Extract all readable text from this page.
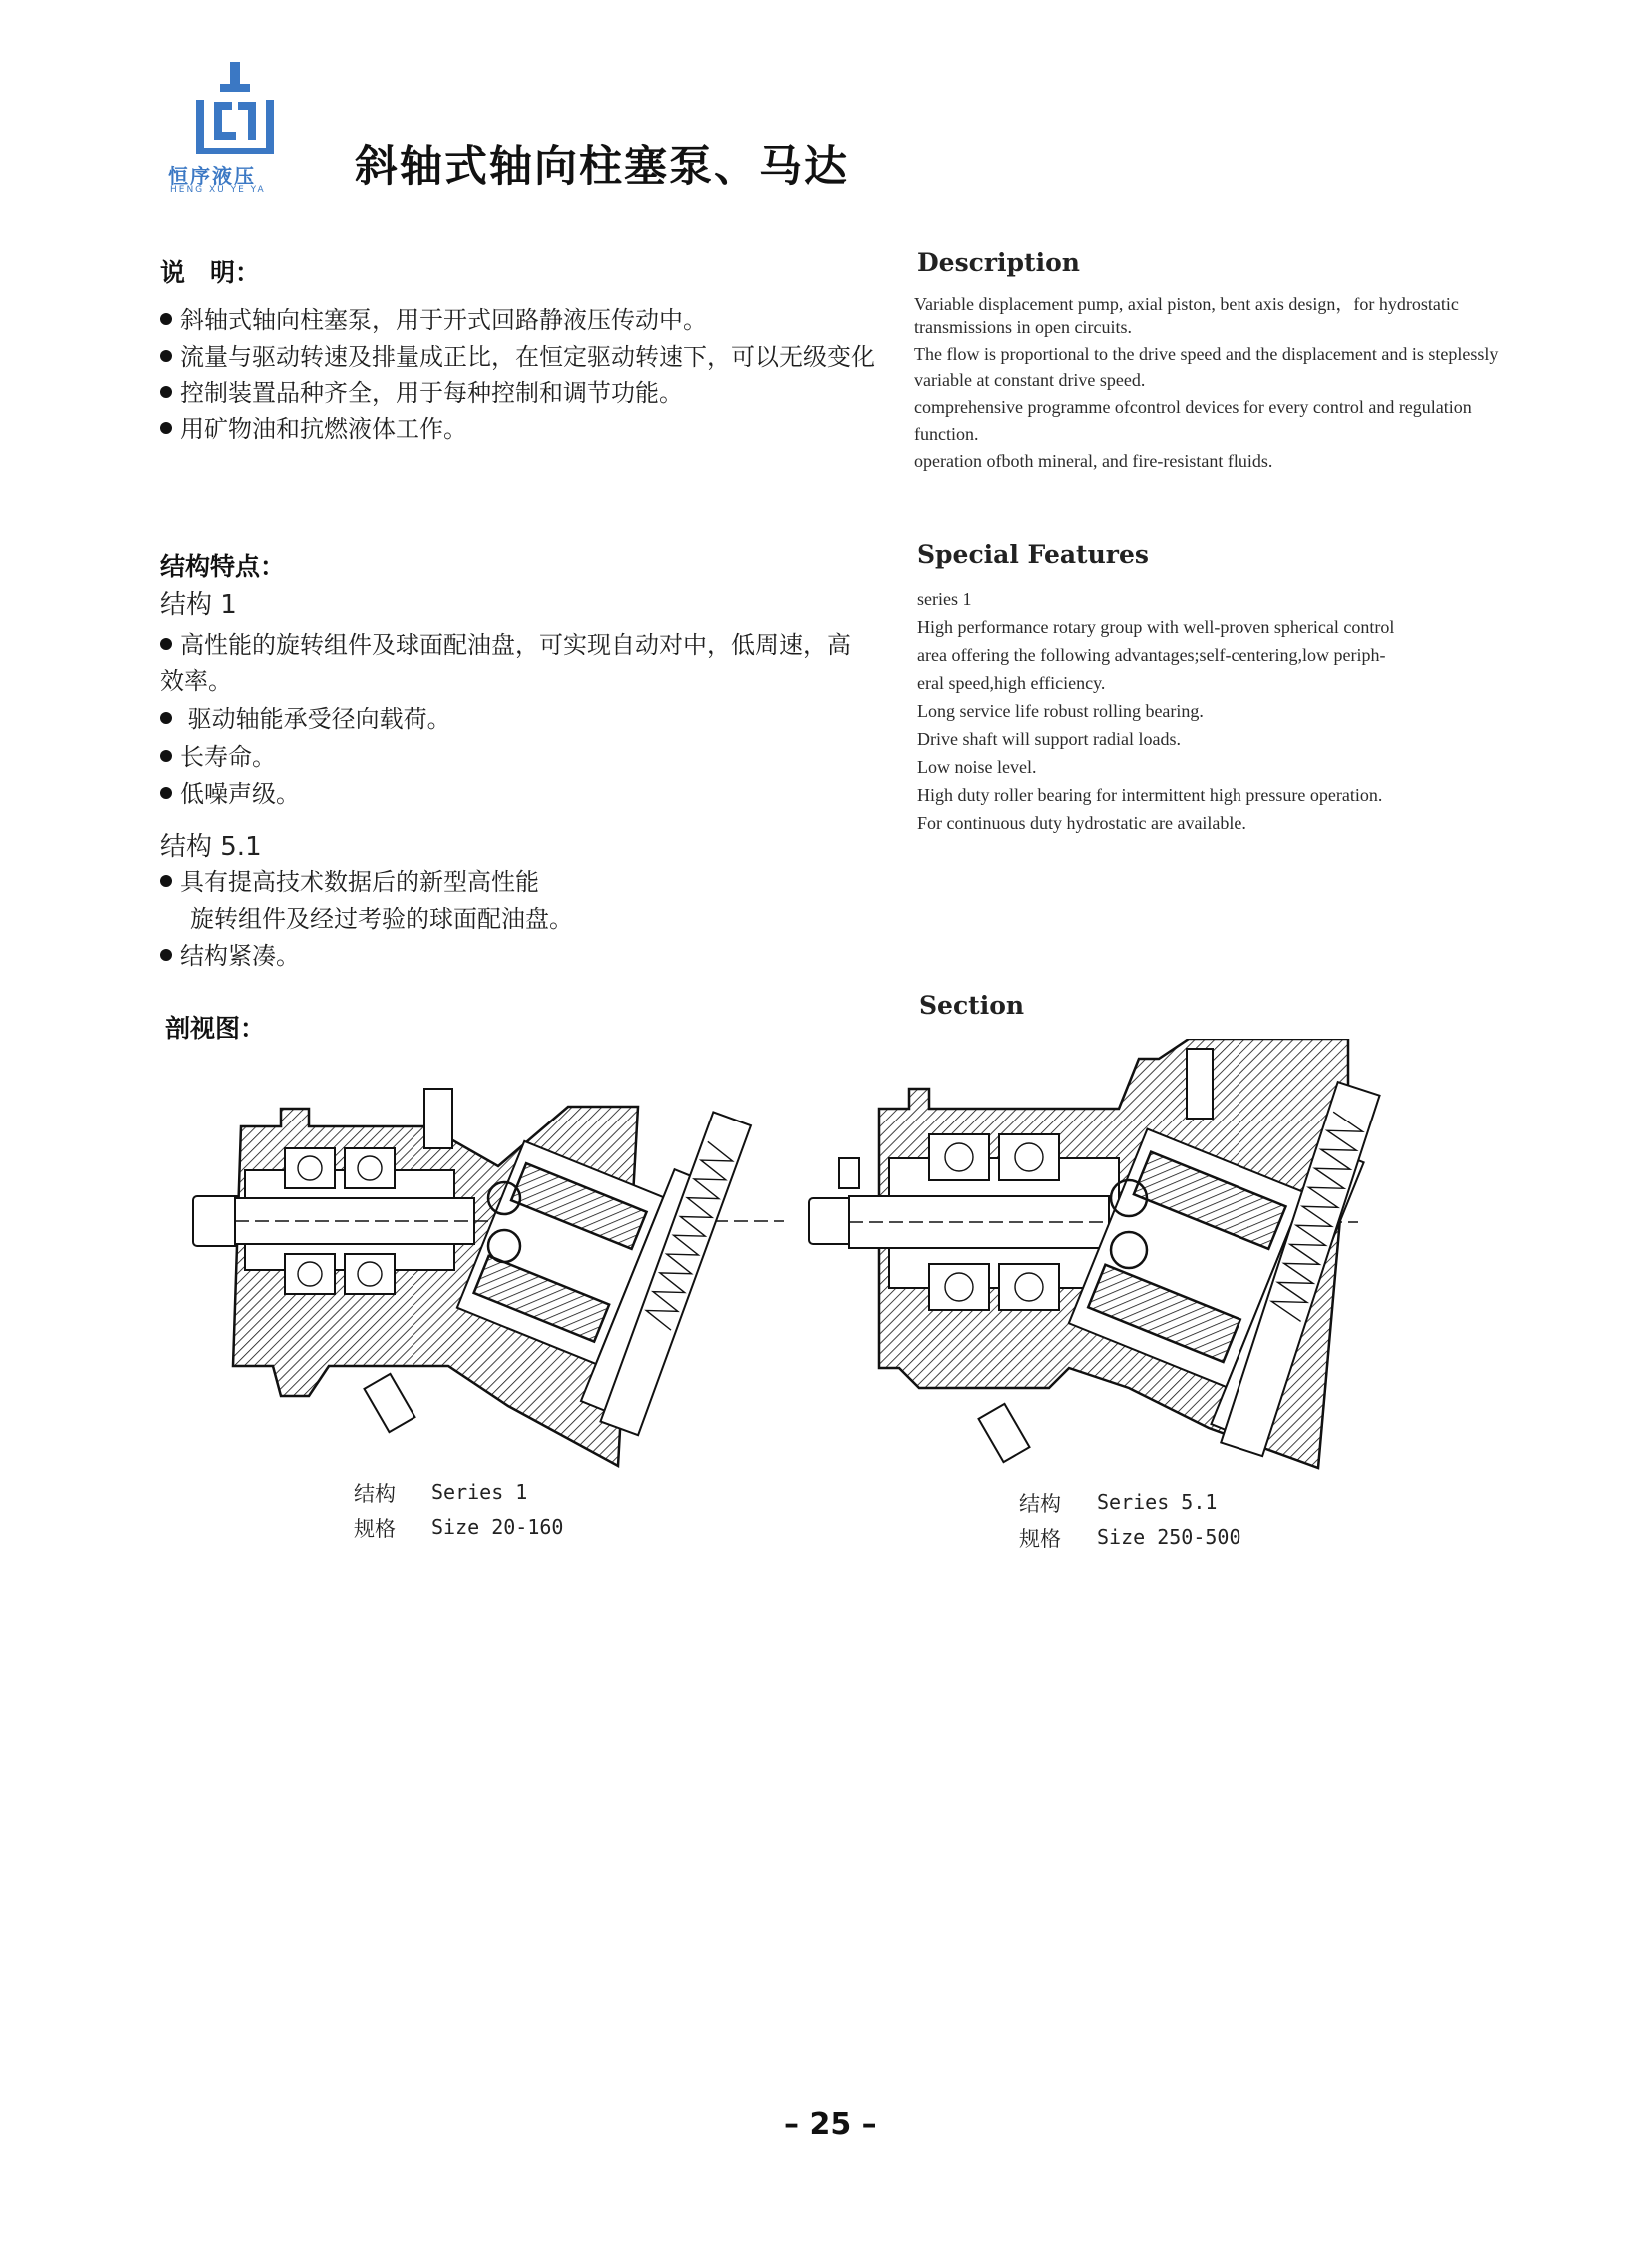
恒序液压
HENG XU YE YA 斜轴式轴向柱塞泵、马达
说　明：
斜轴式轴向柱塞泵，用于开式回路静液压传动中。
流量与驱动转速及排量成正比，在恒定驱动转速下，可以无级变化
控制装置品种齐全，用于每种控制和调节功能。
用矿物油和抗燃液体工作。
Description
Variable displacement pump, axial piston, bent axis design，for hydrostatic
transmissions in open circuits.
The flow is proportional to the drive speed and the displacement and is steplessly
variable at constant drive speed.
comprehensive programme ofcontrol devices for every control and regulation
function.
operation ofboth mineral, and fire-resistant fluids.
结构特点：
结构 1
高性能的旋转组件及球面配油盘，可实现自动对中，低周速，高
效率。
驱动轴能承受径向载荷。
长寿命。
低噪声级。
结构 5.1
具有提高技术数据后的新型高性能
旋转组件及经过考验的球面配油盘。
结构紧凑。
Special Features
series 1
High performance rotary group with well-proven spherical control
area offering the following advantages;self-centering,low periph-
eral speed,high efficiency.
Long service life robust rolling bearing.
Drive shaft will support radial loads.
Low noise level.
High duty roller bearing for intermittent high pressure operation.
For continuous duty hydrostatic are available.
剖视图：
Section
结构 Series 1
规格 Size 20-160
结构 Series 5.1
规格 Size 250-500
– 25 –
